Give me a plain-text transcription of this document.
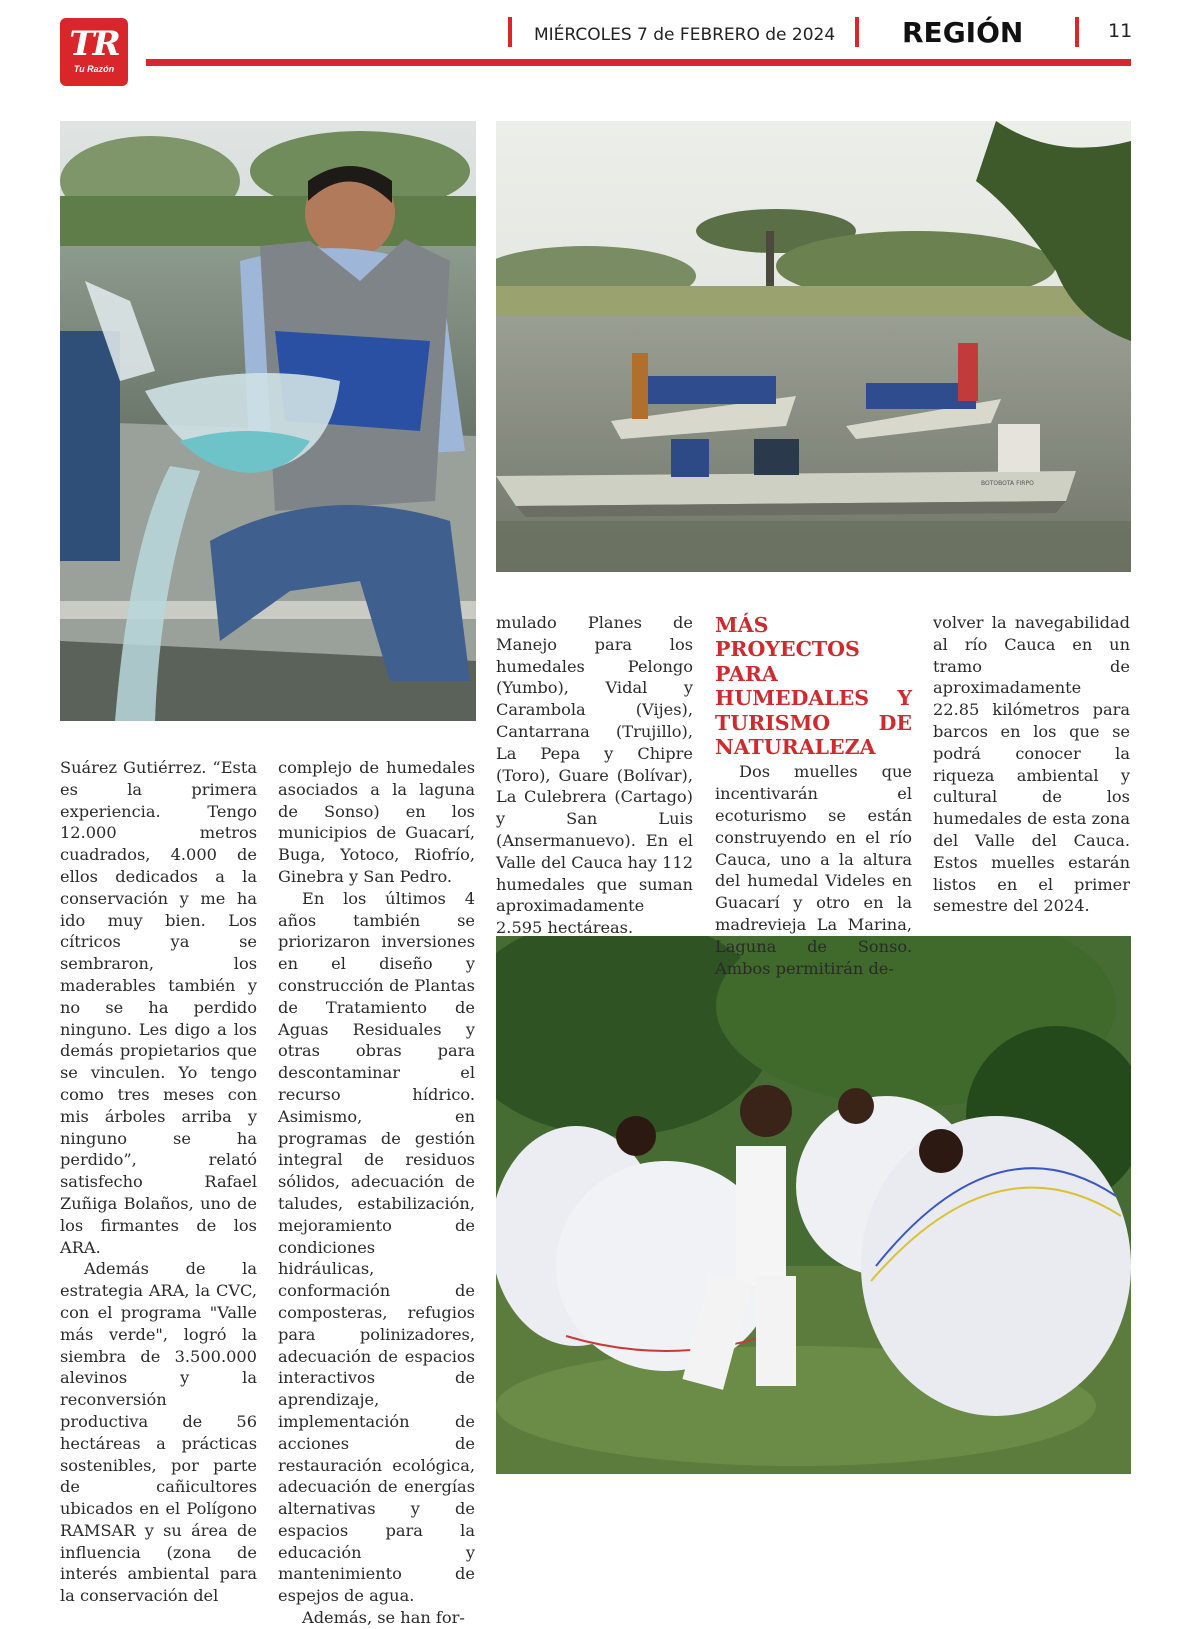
TR
Tu Razón
MIÉRCOLES 7 de FEBRERO de 2024 REGIÓN	11
BOTOBOTA FIRPO

Suárez Gutiérrez. “Esta es la primera experiencia. Tengo 12.000 metros cuadrados, 4.000 de ellos dedicados a la conservación y me ha ido muy bien. Los cítricos ya se sembraron, los maderables también y no se ha perdido ninguno. Les digo a los demás propietarios que se vinculen. Yo tengo como tres meses con mis árboles arriba y ninguno se ha perdido”, relató satisfecho Rafael Zuñiga Bolaños, uno de los firmantes de los ARA.

Además de la estrategia ARA, la CVC, con el programa "Valle más verde", logró la siembra de 3.500.000 alevinos y la reconversión productiva de 56 hectáreas a prácticas sostenibles, por parte de cañicultores ubicados en el Polígono RAMSAR y su área de influencia (zona de interés ambiental para la conservación del

complejo de humedales asociados a la laguna de Sonso) en los municipios de Guacarí, Buga, Yotoco, Riofrío, Ginebra y San Pedro.

En los últimos 4 años también se priorizaron inversiones en el diseño y construcción de Plantas de Tratamiento de Aguas Residuales y otras obras para descontaminar el recurso hídrico. Asimismo, en programas de gestión integral de residuos sólidos, adecuación de taludes, estabilización, mejoramiento de condiciones hidráulicas, conformación de composteras, refugios para polinizadores, adecuación de espacios interactivos de aprendizaje, implementación de acciones de restauración ecológica, adecuación de energías alternativas y de espacios para la educación y mantenimiento de espejos de agua.

Además, se han for-

mulado Planes de Manejo para los humedales Pelongo (Yumbo), Vidal y Carambola (Vijes), Cantarrana (Trujillo), La Pepa y Chipre (Toro), Guare (Bolívar), La Culebrera (Cartago) y San Luis (Ansermanuevo). En el Valle del Cauca hay 112 humedales que suman aproximadamente 2.595 hectáreas.

MÁS PROYECTOS PARA HUMEDALES Y TURISMO DE NATURALEZA

Dos muelles que incentivarán el ecoturismo se están construyendo en el río Cauca, uno a la altura del humedal Videles en Guacarí y otro en la madrevieja La Marina, Laguna de Sonso. Ambos permitirán de-

volver la navegabilidad al río Cauca en un tramo de aproximadamente 22.85 kilómetros para barcos en los que se podrá conocer la riqueza ambiental y cultural de los humedales de esta zona del Valle del Cauca. Estos muelles estarán listos en el primer semestre del 2024.
